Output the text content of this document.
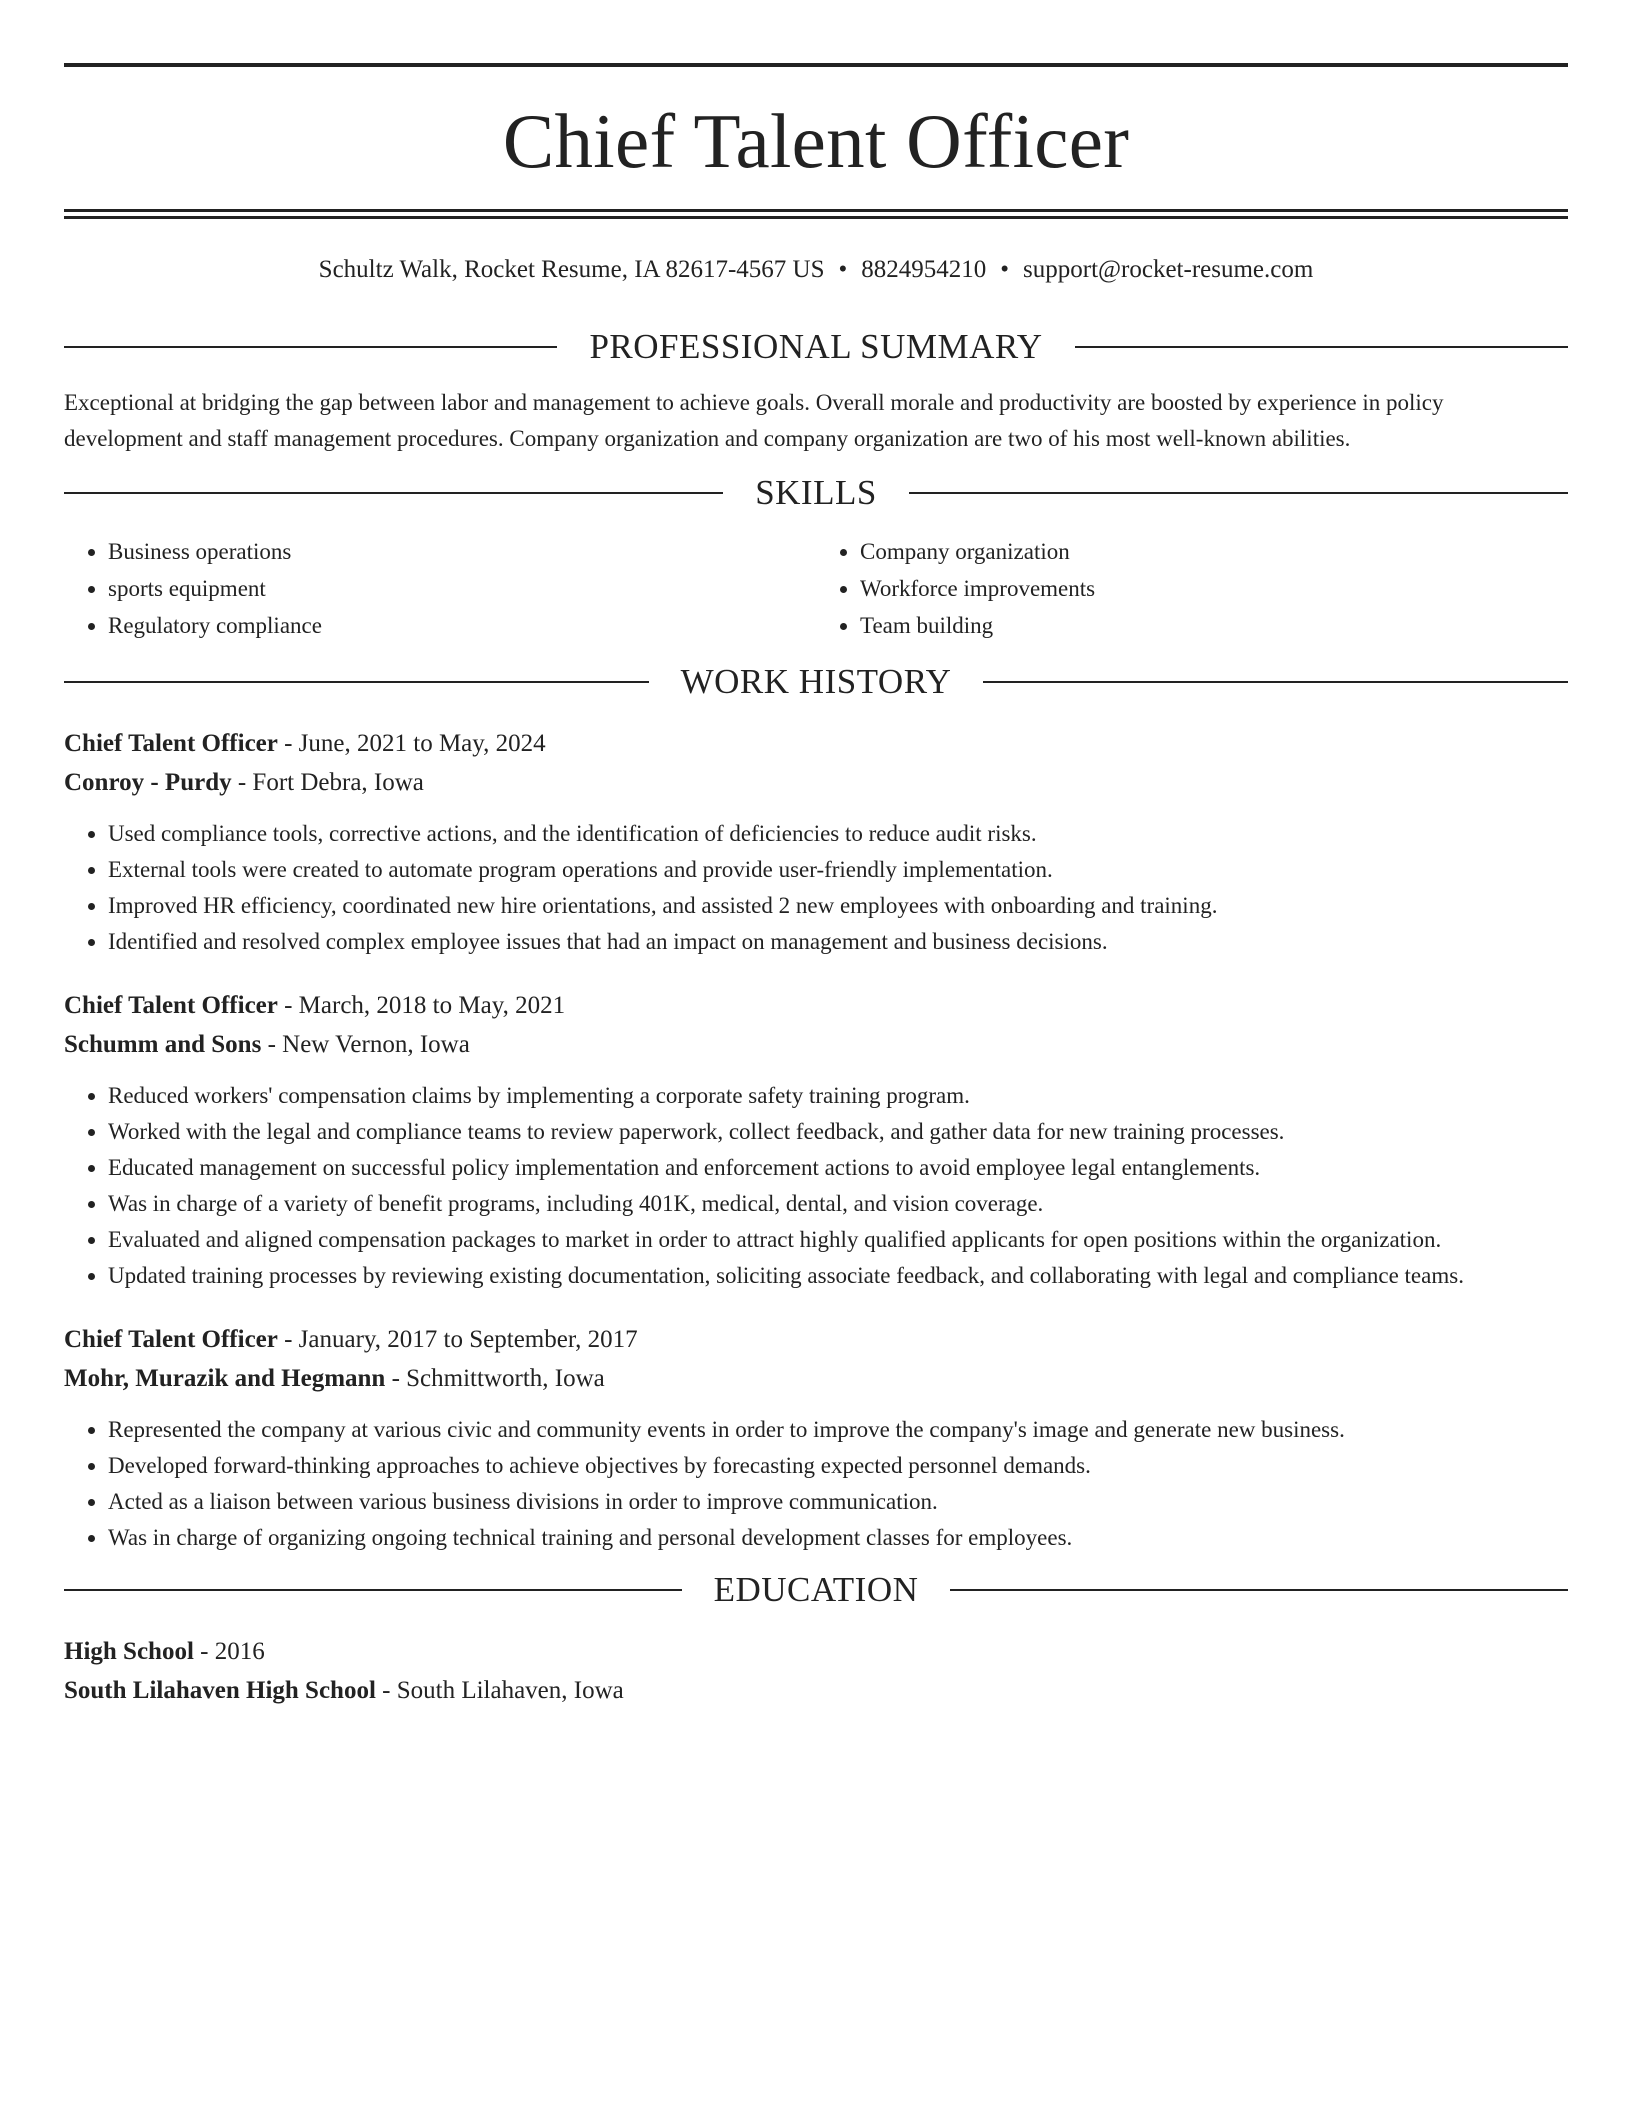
Chief Talent Officer
Schultz Walk, Rocket Resume, IA 82617-4567 US • 8824954210 • support@rocket-resume.com
PROFESSIONAL SUMMARY
Exceptional at bridging the gap between labor and management to achieve goals. Overall morale and productivity are boosted by experience in policy development and staff management procedures. Company organization and company organization are two of his most well-known abilities.
SKILLS
• Business operations
• sports equipment
• Regulatory compliance
• Company organization
• Workforce improvements
• Team building
WORK HISTORY
Chief Talent Officer - June, 2021 to May, 2024
Conroy - Purdy - Fort Debra, Iowa
• Used compliance tools, corrective actions, and the identification of deficiencies to reduce audit risks.
• External tools were created to automate program operations and provide user-friendly implementation.
• Improved HR efficiency, coordinated new hire orientations, and assisted 2 new employees with onboarding and training.
• Identified and resolved complex employee issues that had an impact on management and business decisions.
Chief Talent Officer - March, 2018 to May, 2021
Schumm and Sons - New Vernon, Iowa
• Reduced workers' compensation claims by implementing a corporate safety training program.
• Worked with the legal and compliance teams to review paperwork, collect feedback, and gather data for new training processes.
• Educated management on successful policy implementation and enforcement actions to avoid employee legal entanglements.
• Was in charge of a variety of benefit programs, including 401K, medical, dental, and vision coverage.
• Evaluated and aligned compensation packages to market in order to attract highly qualified applicants for open positions within the organization.
• Updated training processes by reviewing existing documentation, soliciting associate feedback, and collaborating with legal and compliance teams.
Chief Talent Officer - January, 2017 to September, 2017
Mohr, Murazik and Hegmann - Schmittworth, Iowa
• Represented the company at various civic and community events in order to improve the company's image and generate new business.
• Developed forward-thinking approaches to achieve objectives by forecasting expected personnel demands.
• Acted as a liaison between various business divisions in order to improve communication.
• Was in charge of organizing ongoing technical training and personal development classes for employees.
EDUCATION
High School - 2016
South Lilahaven High School - South Lilahaven, Iowa
